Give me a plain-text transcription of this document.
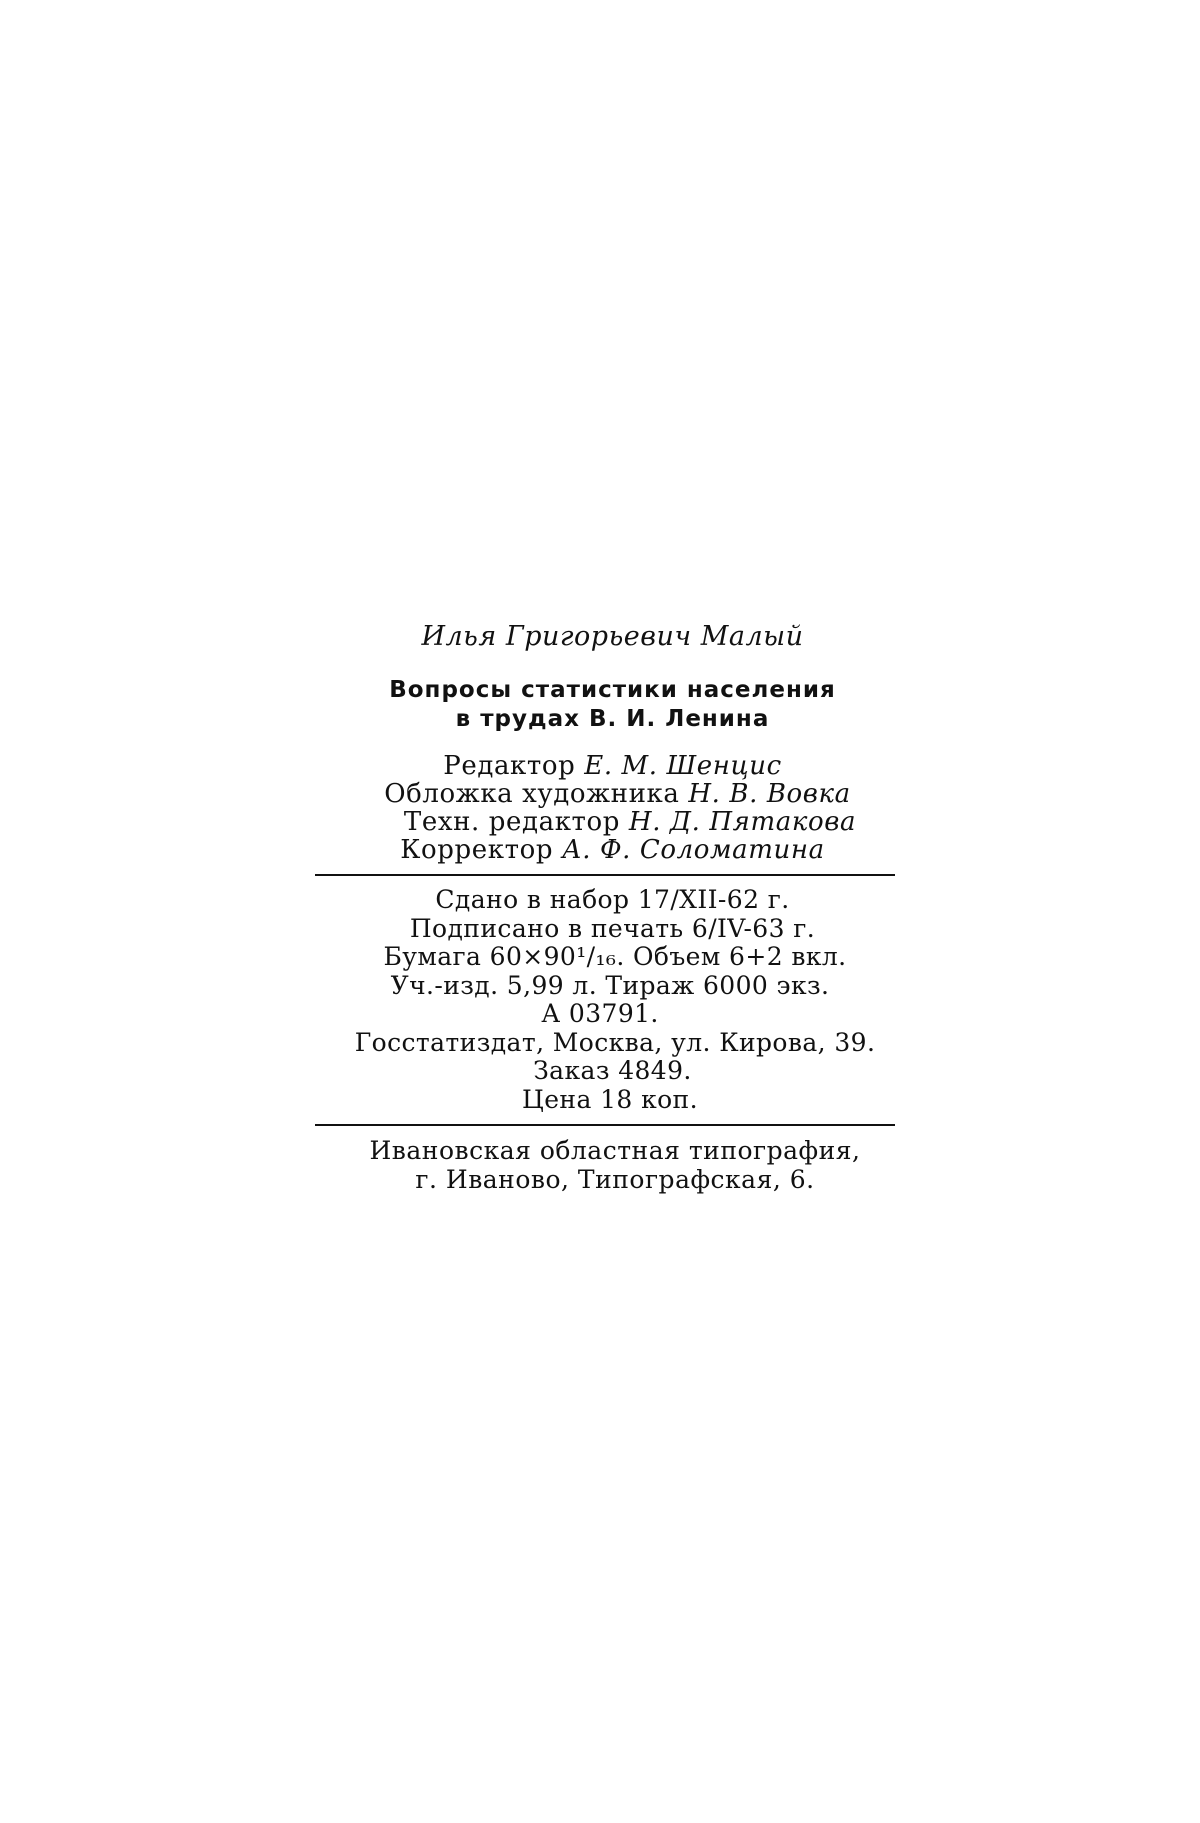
Илья Григорьевич Малый
Вопросы статистики населения
в трудах В. И. Ленина
Редактор Е. М. Шенцис
Обложка художника Н. В. Вовка
Техн. редактор Н. Д. Пятакова
Корректор А. Ф. Соломатина
Сдано в набор 17/XII-62 г.
Подписано в печать 6/IV-63 г.
Бумага 60×90¹/₁₆. Объем 6+2 вкл.
Уч.-изд. 5,99 л. Тираж 6000 экз.
А 03791.
Госстатиздат, Москва, ул. Кирова, 39.
Заказ 4849.
Цена 18 коп.
Ивановская областная типография,
г. Иваново, Типографская, 6.
